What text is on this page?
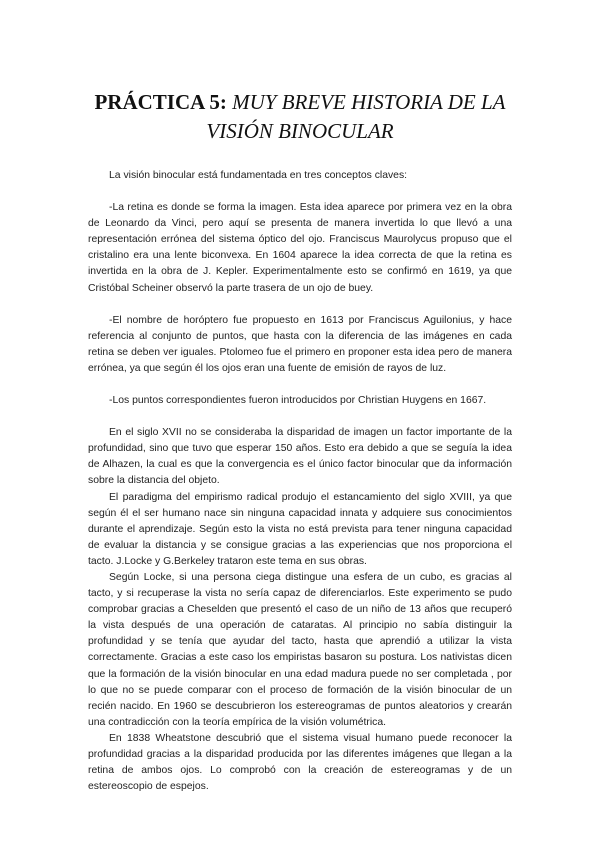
PRÁCTICA 5: MUY BREVE HISTORIA DE LA VISIÓN BINOCULAR

La visión binocular está fundamentada en tres conceptos claves:

-La retina es donde se forma la imagen. Esta idea aparece por primera vez en la obra de Leonardo da Vinci, pero aquí se presenta de manera invertida lo que llevó a una representación errónea del sistema óptico del ojo. Franciscus Maurolycus propuso que el cristalino era una lente biconvexa. En 1604 aparece la idea correcta de que la retina es invertida en la obra de J. Kepler. Experimentalmente esto se confirmó en 1619, ya que Cristóbal Scheiner observó la parte trasera de un ojo de buey.

-El nombre de horóptero fue propuesto en 1613 por Franciscus Aguilonius, y hace referencia al conjunto de puntos, que hasta con la diferencia de las imágenes en cada retina se deben ver iguales. Ptolomeo fue el primero en proponer esta idea pero de manera errónea, ya que según él los ojos eran una fuente de emisión de rayos de luz.

-Los puntos correspondientes fueron introducidos por Christian Huygens en 1667.

En el siglo XVII no se consideraba la disparidad de imagen un factor importante de la profundidad, sino que tuvo que esperar 150 años. Esto era debido a que se seguía la idea de Alhazen, la cual es que la convergencia es el único factor binocular que da información sobre la distancia del objeto.

El paradigma del empirismo radical produjo el estancamiento del siglo XVIII, ya que según él el ser humano nace sin ninguna capacidad innata y adquiere sus conocimientos durante el aprendizaje. Según esto la vista no está prevista para tener ninguna capacidad de evaluar la distancia y se consigue gracias a las experiencias que nos proporciona el tacto. J.Locke y G.Berkeley trataron este tema en sus obras.

Según Locke, si una persona ciega distingue una esfera de un cubo, es gracias al tacto, y si recuperase la vista no sería capaz de diferenciarlos. Este experimento se pudo comprobar gracias a Cheselden que presentó el caso de un niño de 13 años que recuperó la vista después de una operación de cataratas. Al principio no sabía distinguir la profundidad y se tenía que ayudar del tacto, hasta que aprendió a utilizar la vista correctamente. Gracias a este caso los empiristas basaron su postura. Los nativistas dicen que la formación de la visión binocular en una edad madura puede no ser completada , por lo que no se puede comparar con el proceso de formación de la visión binocular de un recién nacido. En 1960 se descubrieron los estereogramas de puntos aleatorios y crearán una contradicción con la teoría empírica de la visión volumétrica.

En 1838 Wheatstone descubrió que el sistema visual humano puede reconocer la profundidad gracias a la disparidad producida por las diferentes imágenes que llegan a la retina de ambos ojos. Lo comprobó con la creación de estereogramas y de un estereoscopio de espejos.
